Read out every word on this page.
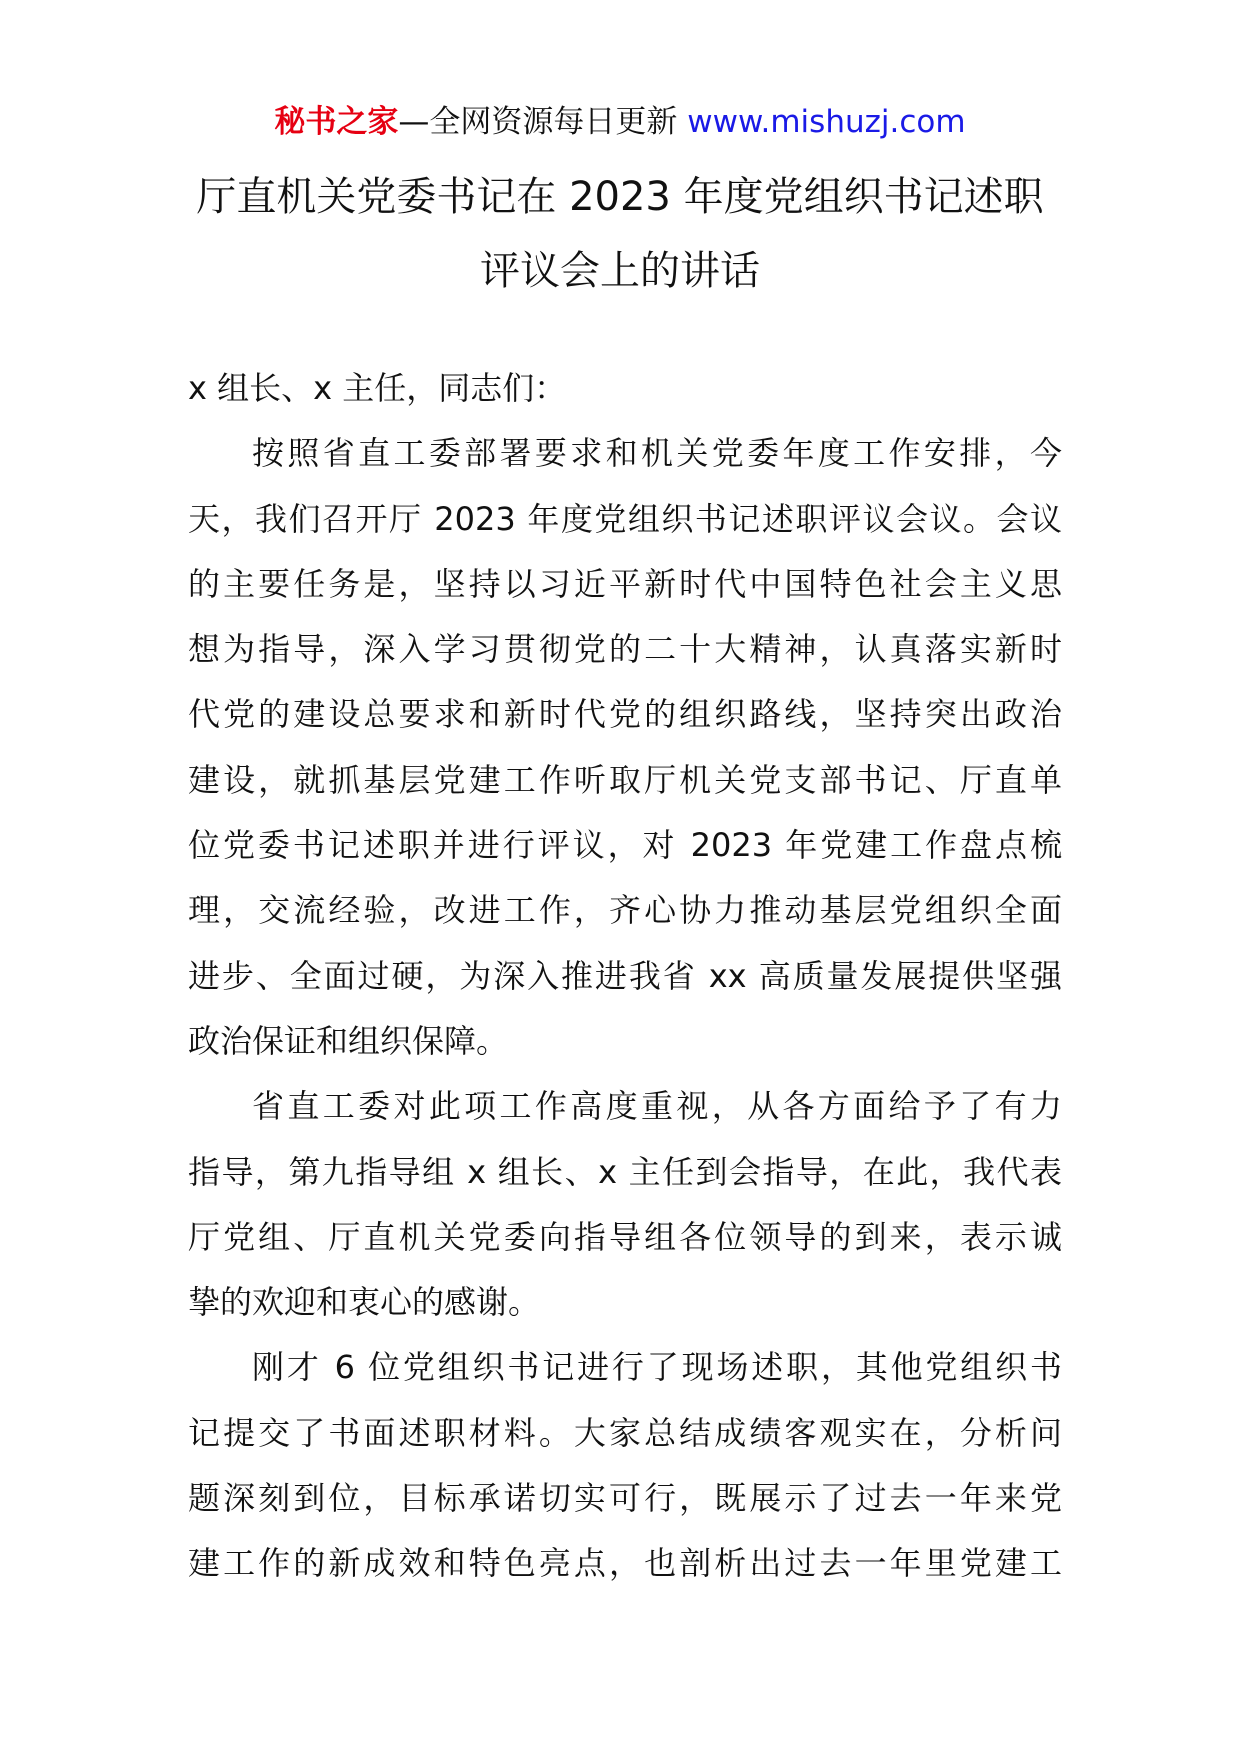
秘书之家—全网资源每日更新 www.mishuzj.com
厅直机关党委书记在 2023 年度党组织书记述职
评议会上的讲话

x 组长、x 主任，同志们：

按照省直工委部署要求和机关党委年度工作安排，今
天，我们召开厅 2023 年度党组织书记述职评议会议。会议
的主要任务是，坚持以习近平新时代中国特色社会主义思
想为指导，深入学习贯彻党的二十大精神，认真落实新时
代党的建设总要求和新时代党的组织路线，坚持突出政治
建设，就抓基层党建工作听取厅机关党支部书记、厅直单
位党委书记述职并进行评议，对 2023 年党建工作盘点梳
理，交流经验，改进工作，齐心协力推动基层党组织全面
进步、全面过硬，为深入推进我省 xx 高质量发展提供坚强
政治保证和组织保障。

省直工委对此项工作高度重视，从各方面给予了有力
指导，第九指导组 x 组长、x 主任到会指导，在此，我代表
厅党组、厅直机关党委向指导组各位领导的到来，表示诚
挚的欢迎和衷心的感谢。

刚才 6 位党组织书记进行了现场述职，其他党组织书
记提交了书面述职材料。大家总结成绩客观实在，分析问
题深刻到位，目标承诺切实可行，既展示了过去一年来党
建工作的新成效和特色亮点，也剖析出过去一年里党建工
